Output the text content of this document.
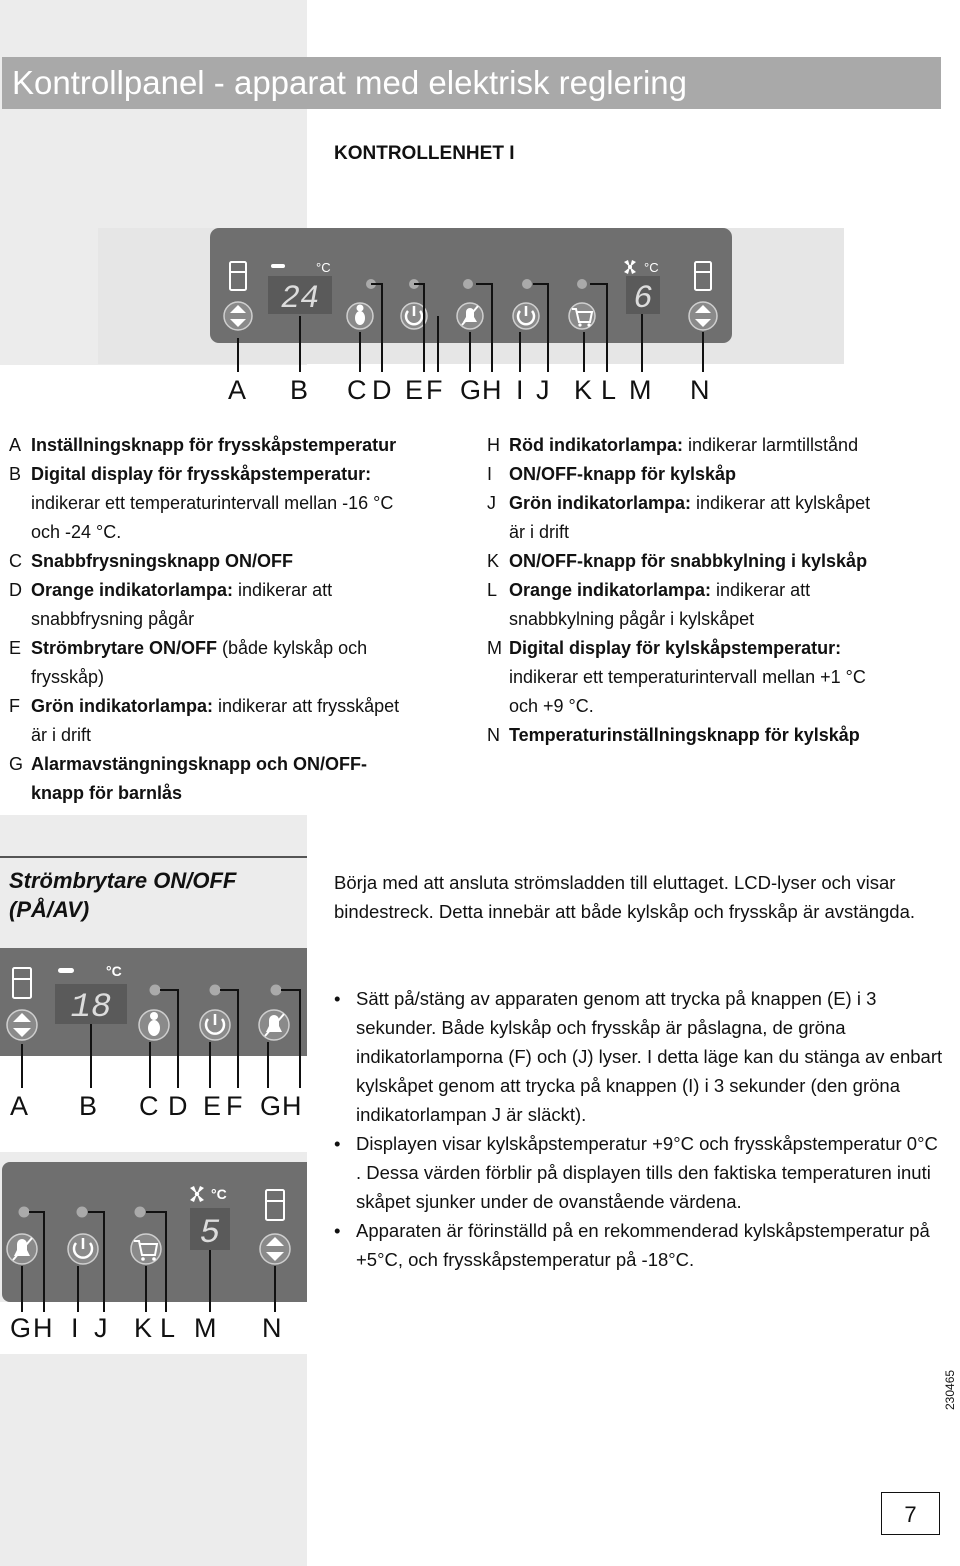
Kontrollpanel - apparat med elektrisk reglering
KONTROLLENHET I
24	6
°C	°C
A B C D E F G H I J K L M N
A Inställningsknapp för frysskåpstemperatur
B Digital display för frysskåpstemperatur:
indikerar ett temperaturintervall mellan -16 °C
och -24 °C.
C Snabbfrysningsknapp ON/OFF
D Orange indikatorlampa: indikerar att
snabbfrysning pågår
E Strömbrytare ON/OFF (både kylskåp och
frysskåp)
F Grön indikatorlampa: indikerar att frysskåpet
är i drift
G Alarmavstängningsknapp och ON/OFF-
knapp för barnlås
H Röd indikatorlampa: indikerar larmtillstånd
I ON/OFF-knapp för kylskåp
J Grön indikatorlampa: indikerar att kylskåpet
är i drift
K ON/OFF-knapp för snabbkylning i kylskåp
L Orange indikatorlampa: indikerar att
snabbkylning pågår i kylskåpet
M Digital display för kylskåpstemperatur:
indikerar ett temperaturintervall mellan +1 °C
och +9 °C.
N Temperaturinställningsknapp för kylskåp
Strömbrytare ON/OFF
(PÅ/AV)
Börja med att ansluta strömsladden till eluttaget. LCD-lyser och visar bindestreck. Detta innebär att både kylskåp och frysskåp är avstängda.
• Sätt på/stäng av apparaten genom att trycka på knappen (E) i 3 sekunder. Både kylskåp och frysskåp är påslagna, de gröna indikatorlamporna (F) och (J) lyser. I detta läge kan du stänga av enbart kylskåpet genom att trycka på knappen (I) i 3 sekunder (den gröna indikatorlampan J är släckt).
• Displayen visar kylskåpstemperatur +9°C och frysskåpstemperatur 0°C . Dessa värden förblir på displayen tills den faktiska temperaturen inuti skåpet sjunker under de ovanstående värdena.
• Apparaten är förinställd på en rekommenderad kylskåpstemperatur på +5°C, och frysskåpstemperatur på -18°C.
18
°C
A B C D E F G H
5
°C
G H I J K L M N
230465
7
